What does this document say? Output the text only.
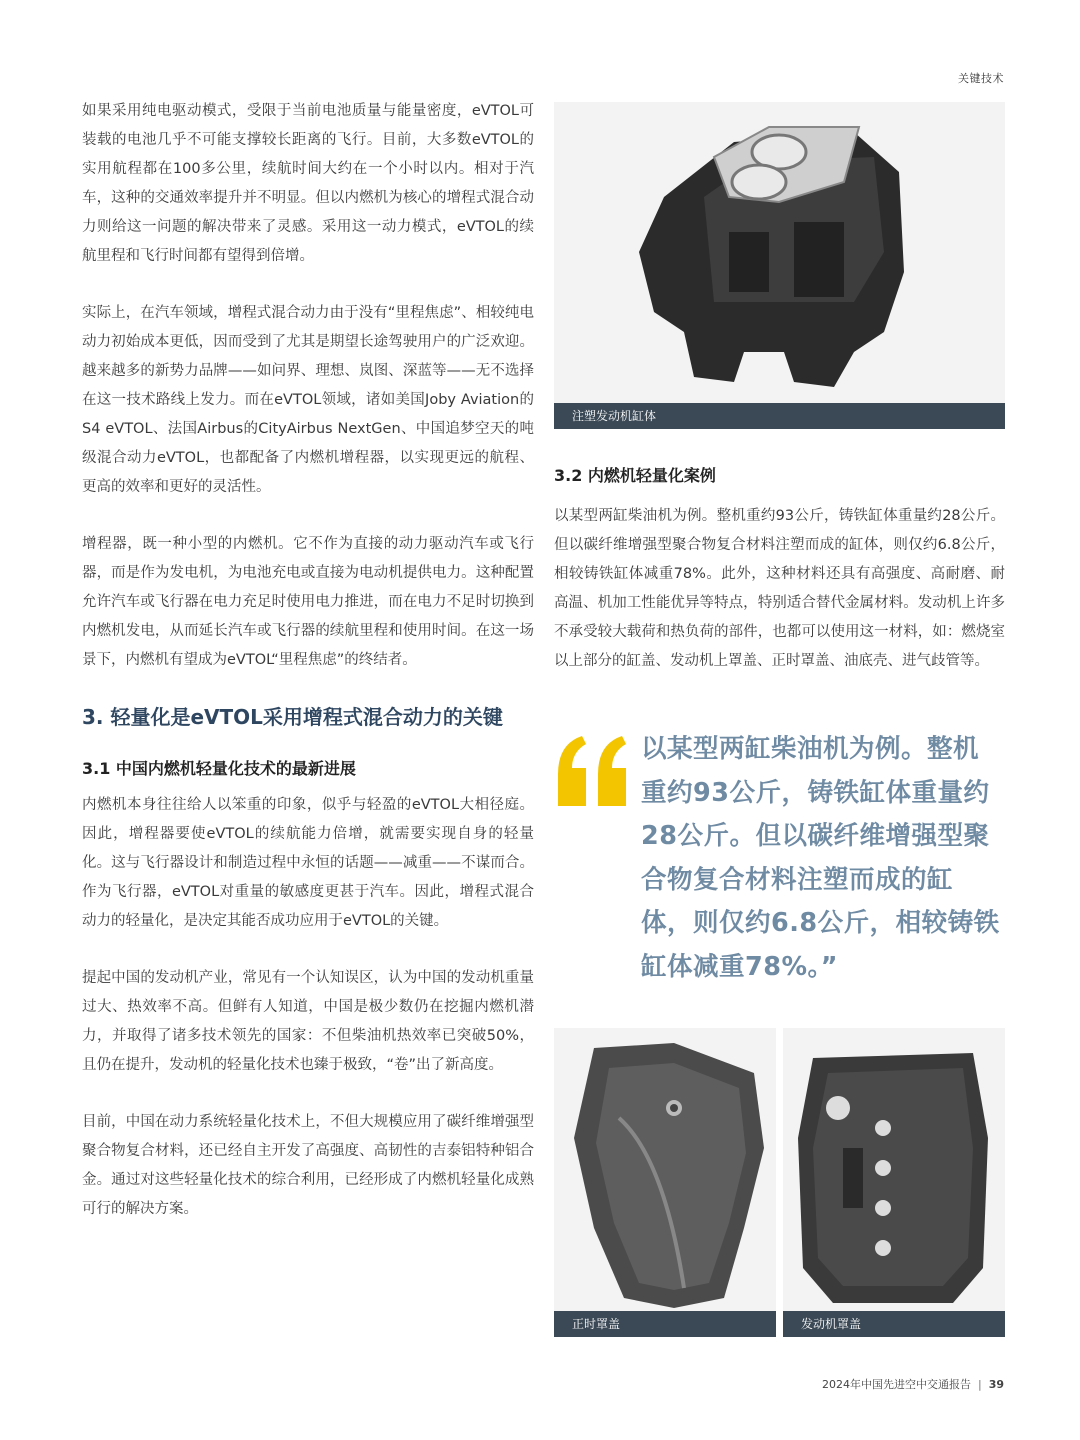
关键技术

如果采用纯电驱动模式，受限于当前电池质量与能量密度，eVTOL可装载的电池几乎不可能支撑较长距离的飞行。目前，大多数eVTOL的实用航程都在100多公里，续航时间大约在一个小时以内。相对于汽车，这种的交通效率提升并不明显。但以内燃机为核心的增程式混合动力则给这一问题的解决带来了灵感。采用这一动力模式，eVTOL的续航里程和飞行时间都有望得到倍增。

实际上，在汽车领域，增程式混合动力由于没有“里程焦虑”、相较纯电动力初始成本更低，因而受到了尤其是期望长途驾驶用户的广泛欢迎。越来越多的新势力品牌——如问界、理想、岚图、深蓝等——无不选择在这一技术路线上发力。而在eVTOL领域，诸如美国Joby Aviation的S4 eVTOL、法国Airbus的CityAirbus NextGen、中国追梦空天的吨级混合动力eVTOL，也都配备了内燃机增程器，以实现更远的航程、更高的效率和更好的灵活性。

增程器，既一种小型的内燃机。它不作为直接的动力驱动汽车或飞行器，而是作为发电机，为电池充电或直接为电动机提供电力。这种配置允许汽车或飞行器在电力充足时使用电力推进，而在电力不足时切换到内燃机发电，从而延长汽车或飞行器的续航里程和使用时间。在这一场景下，内燃机有望成为eVTOL“里程焦虑”的终结者。

3. 轻量化是eVTOL采用增程式混合动力的关键
3.1 中国内燃机轻量化技术的最新进展

内燃机本身往往给人以笨重的印象，似乎与轻盈的eVTOL大相径庭。因此，增程器要使eVTOL的续航能力倍增，就需要实现自身的轻量化。这与飞行器设计和制造过程中永恒的话题——减重——不谋而合。作为飞行器，eVTOL对重量的敏感度更甚于汽车。因此，增程式混合动力的轻量化，是决定其能否成功应用于eVTOL的关键。

提起中国的发动机产业，常见有一个认知误区，认为中国的发动机重量过大、热效率不高。但鲜有人知道，中国是极少数仍在挖掘内燃机潜力，并取得了诸多技术领先的国家：不但柴油机热效率已突破50%，且仍在提升，发动机的轻量化技术也臻于极致，“卷”出了新高度。

目前，中国在动力系统轻量化技术上，不但大规模应用了碳纤维增强型聚合物复合材料，还已经自主开发了高强度、高韧性的吉泰铝特种铝合金。通过对这些轻量化技术的综合利用，已经形成了内燃机轻量化成熟可行的解决方案。

注塑发动机缸体
3.2 内燃机轻量化案例

以某型两缸柴油机为例。整机重约93公斤，铸铁缸体重量约28公斤。但以碳纤维增强型聚合物复合材料注塑而成的缸体，则仅约6.8公斤，相较铸铁缸体减重78%。此外，这种材料还具有高强度、高耐磨、耐高温、机加工性能优异等特点，特别适合替代金属材料。发动机上许多不承受较大载荷和热负荷的部件，也都可以使用这一材料，如：燃烧室以上部分的缸盖、发动机上罩盖、正时罩盖、油底壳、进气歧管等。

以某型两缸柴油机为例。整机重约93公斤，铸铁缸体重量约28公斤。但以碳纤维增强型聚合物复合材料注塑而成的缸体，则仅约6.8公斤，相较铸铁缸体减重78%。”
正时罩盖	发动机罩盖
2024年中国先进空中交通报告 | 39
